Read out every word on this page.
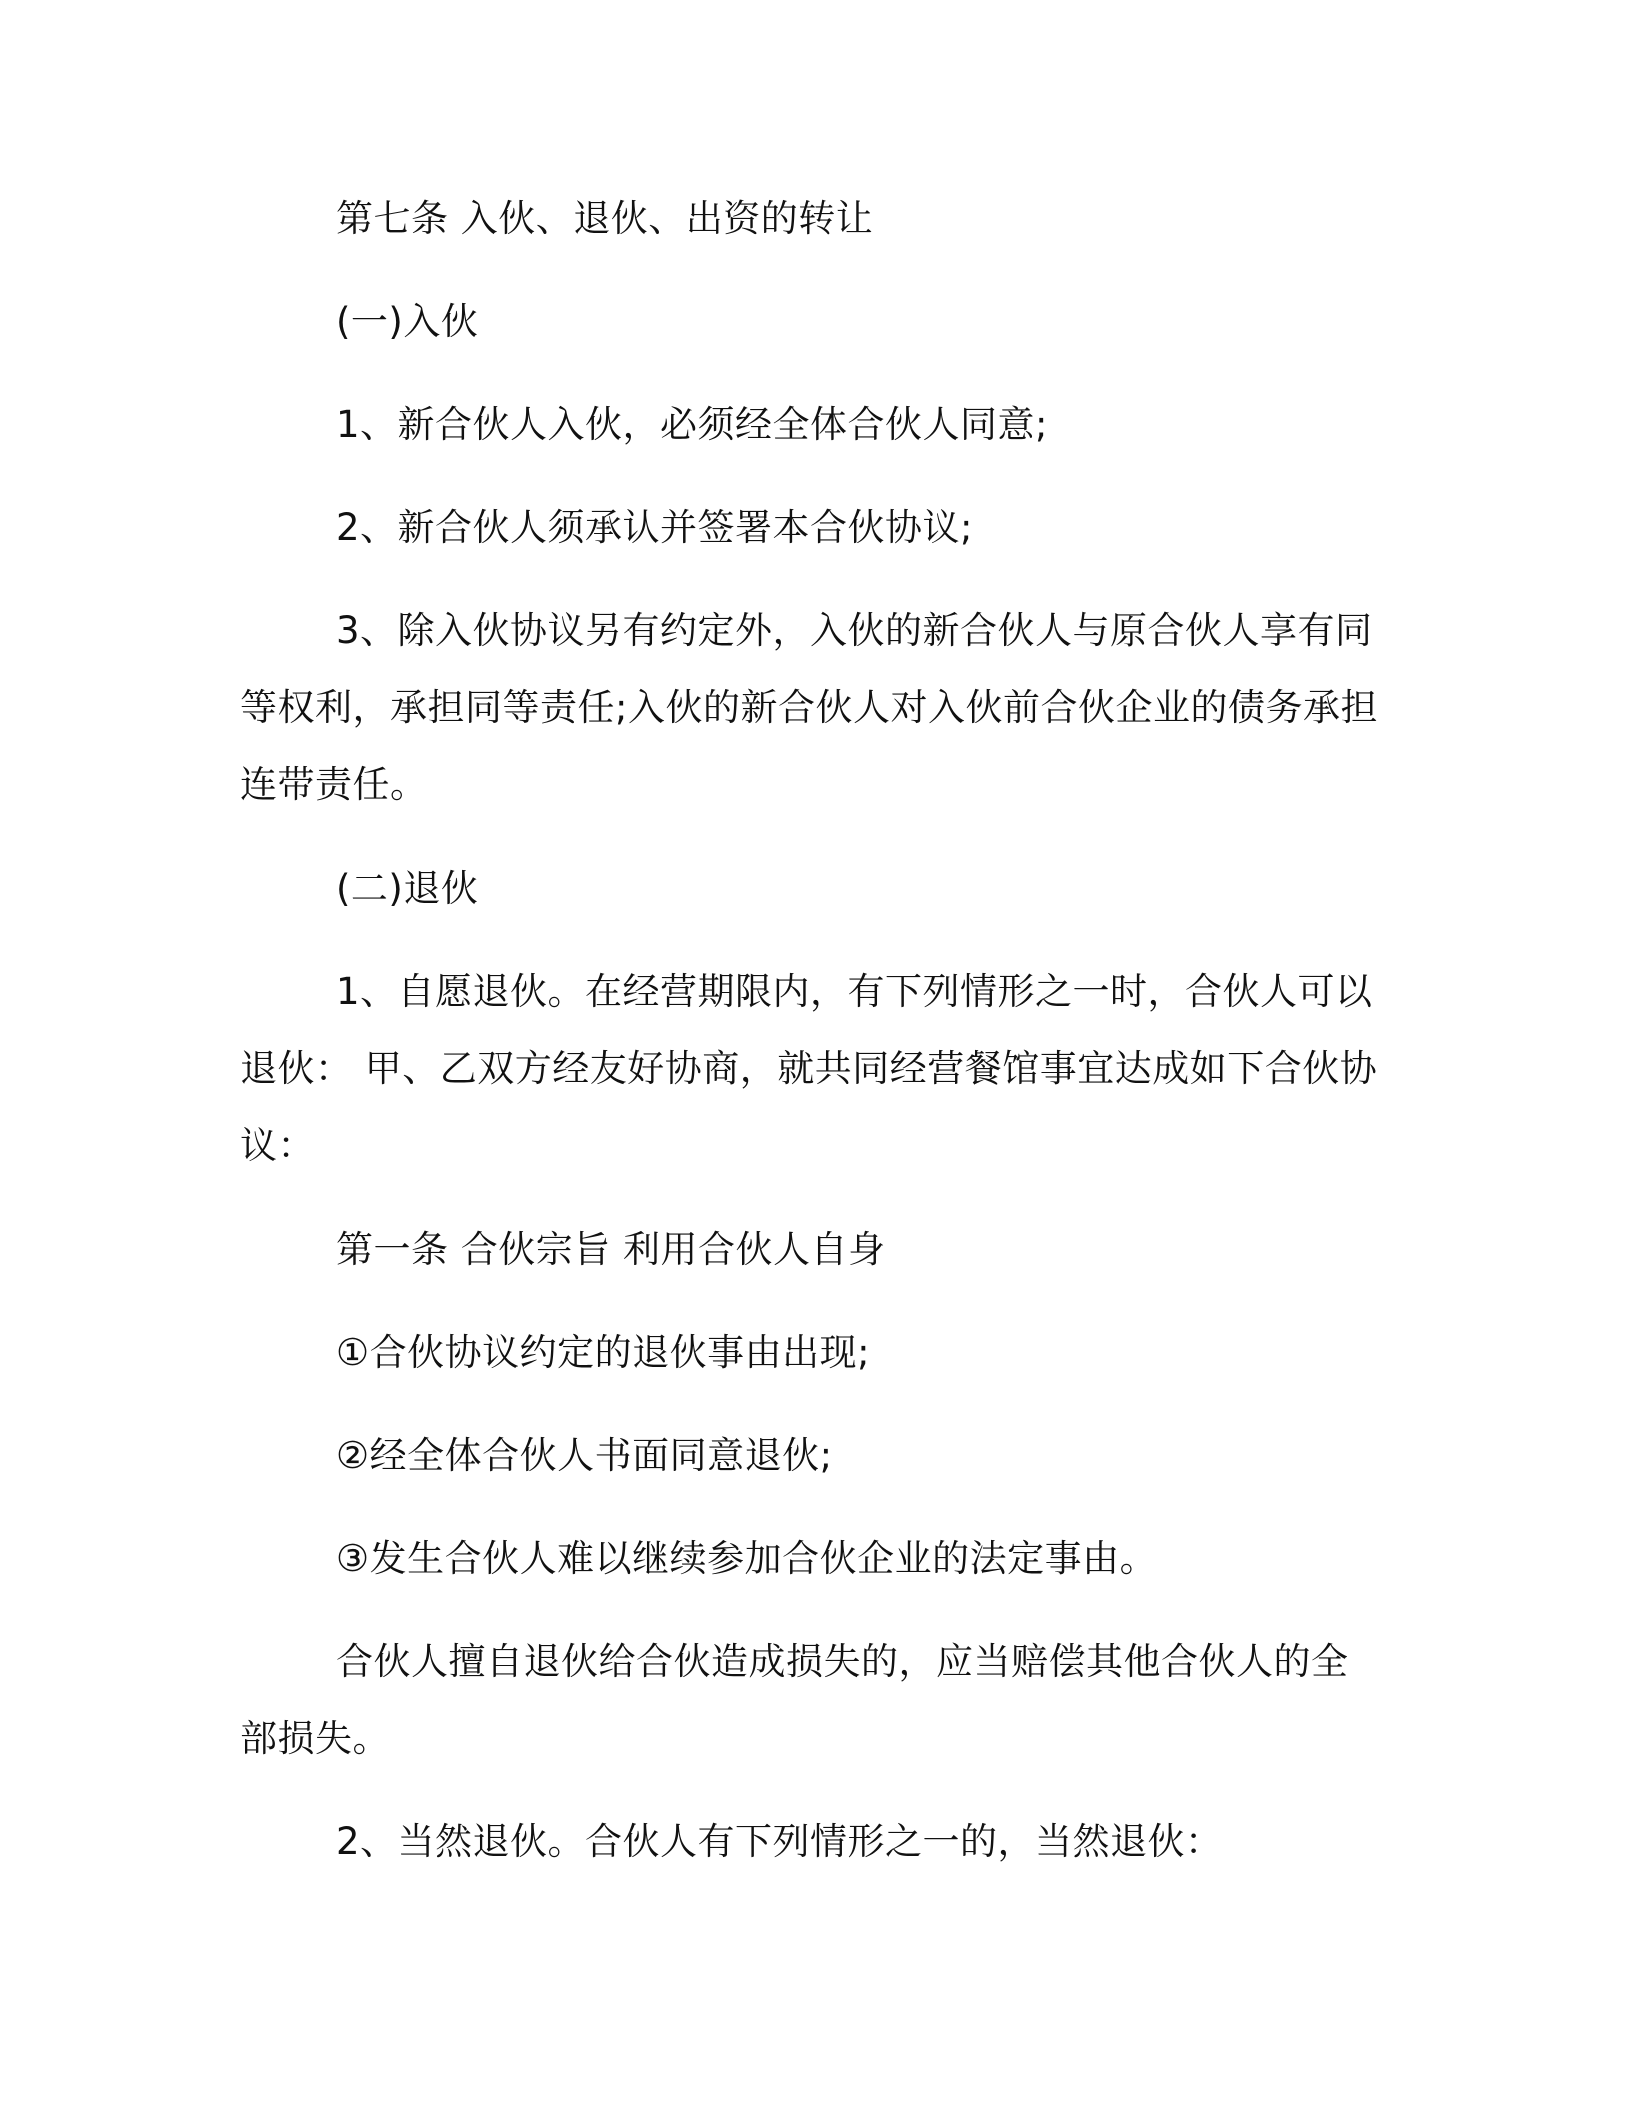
第七条 入伙、退伙、出资的转让

(一)入伙

1、新合伙人入伙，必须经全体合伙人同意;

2、新合伙人须承认并签署本合伙协议;

3、除入伙协议另有约定外，入伙的新合伙人与原合伙人享有同等权利，承担同等责任;入伙的新合伙人对入伙前合伙企业的债务承担连带责任。

(二)退伙

1、自愿退伙。在经营期限内，有下列情形之一时，合伙人可以退伙： 甲、乙双方经友好协商，就共同经营餐馆事宜达成如下合伙协议：

第一条 合伙宗旨 利用合伙人自身

①合伙协议约定的退伙事由出现;

②经全体合伙人书面同意退伙;

③发生合伙人难以继续参加合伙企业的法定事由。

合伙人擅自退伙给合伙造成损失的，应当赔偿其他合伙人的全部损失。

2、当然退伙。合伙人有下列情形之一的，当然退伙：
